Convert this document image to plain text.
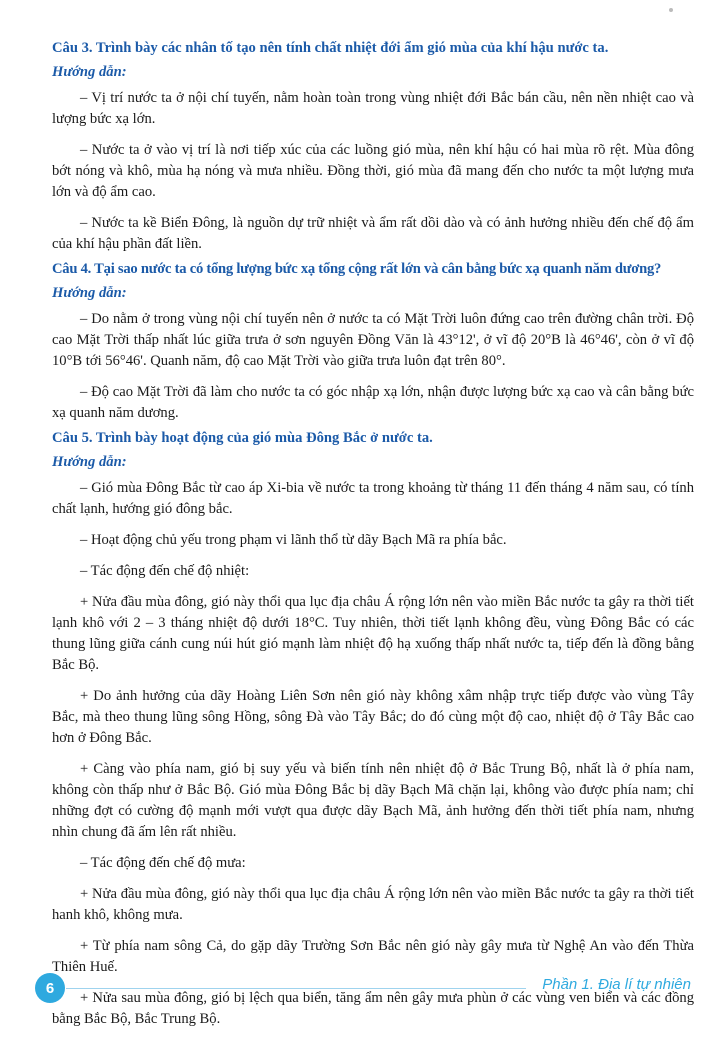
Câu 3. Trình bày các nhân tố tạo nên tính chất nhiệt đới ẩm gió mùa của khí hậu nước ta.
Hướng dẫn:
– Vị trí nước ta ở nội chí tuyến, nằm hoàn toàn trong vùng nhiệt đới Bắc bán cầu, nên nền nhiệt cao và lượng bức xạ lớn.
– Nước ta ở vào vị trí là nơi tiếp xúc của các luồng gió mùa, nên khí hậu có hai mùa rõ rệt. Mùa đông bớt nóng và khô, mùa hạ nóng và mưa nhiều. Đồng thời, gió mùa đã mang đến cho nước ta một lượng mưa lớn và độ ẩm cao.
– Nước ta kề Biển Đông, là nguồn dự trữ nhiệt và ẩm rất dồi dào và có ảnh hưởng nhiều đến chế độ ẩm của khí hậu phần đất liền.
Câu 4. Tại sao nước ta có tổng lượng bức xạ tổng cộng rất lớn và cân bằng bức xạ quanh năm dương?
Hướng dẫn:
– Do nằm ở trong vùng nội chí tuyến nên ở nước ta có Mặt Trời luôn đứng cao trên đường chân trời. Độ cao Mặt Trời thấp nhất lúc giữa trưa ở sơn nguyên Đồng Văn là 43°12', ở vĩ độ 20°B là 46°46', còn ở vĩ độ 10°B tới 56°46'. Quanh năm, độ cao Mặt Trời vào giữa trưa luôn đạt trên 80°.
– Độ cao Mặt Trời đã làm cho nước ta có góc nhập xạ lớn, nhận được lượng bức xạ cao và cân bằng bức xạ quanh năm dương.
Câu 5. Trình bày hoạt động của gió mùa Đông Bắc ở nước ta.
Hướng dẫn:
– Gió mùa Đông Bắc từ cao áp Xi-bia về nước ta trong khoảng từ tháng 11 đến tháng 4 năm sau, có tính chất lạnh, hướng gió đông bắc.
– Hoạt động chủ yếu trong phạm vi lãnh thổ từ dãy Bạch Mã ra phía bắc.
– Tác động đến chế độ nhiệt:
+ Nửa đầu mùa đông, gió này thổi qua lục địa châu Á rộng lớn nên vào miền Bắc nước ta gây ra thời tiết lạnh khô với 2 – 3 tháng nhiệt độ dưới 18°C. Tuy nhiên, thời tiết lạnh không đều, vùng Đông Bắc có các thung lũng giữa cánh cung núi hút gió mạnh làm nhiệt độ hạ xuống thấp nhất nước ta, tiếp đến là đồng bằng Bắc Bộ.
+ Do ảnh hưởng của dãy Hoàng Liên Sơn nên gió này không xâm nhập trực tiếp được vào vùng Tây Bắc, mà theo thung lũng sông Hồng, sông Đà vào Tây Bắc; do đó cùng một độ cao, nhiệt độ ở Tây Bắc cao hơn ở Đông Bắc.
+ Càng vào phía nam, gió bị suy yếu và biến tính nên nhiệt độ ở Bắc Trung Bộ, nhất là ở phía nam, không còn thấp như ở Bắc Bộ. Gió mùa Đông Bắc bị dãy Bạch Mã chặn lại, không vào được phía nam; chỉ những đợt có cường độ mạnh mới vượt qua được dãy Bạch Mã, ảnh hưởng đến thời tiết phía nam, nhưng nhìn chung đã ấm lên rất nhiều.
– Tác động đến chế độ mưa:
+ Nửa đầu mùa đông, gió này thổi qua lục địa châu Á rộng lớn nên vào miền Bắc nước ta gây ra thời tiết hanh khô, không mưa.
+ Từ phía nam sông Cả, do gặp dãy Trường Sơn Bắc nên gió này gây mưa từ Nghệ An vào đến Thừa Thiên Huế.
+ Nửa sau mùa đông, gió bị lệch qua biển, tăng ẩm nên gây mưa phùn ở các vùng ven biển và các đồng bằng Bắc Bộ, Bắc Trung Bộ.
6	Phần 1. Địa lí tự nhiên
